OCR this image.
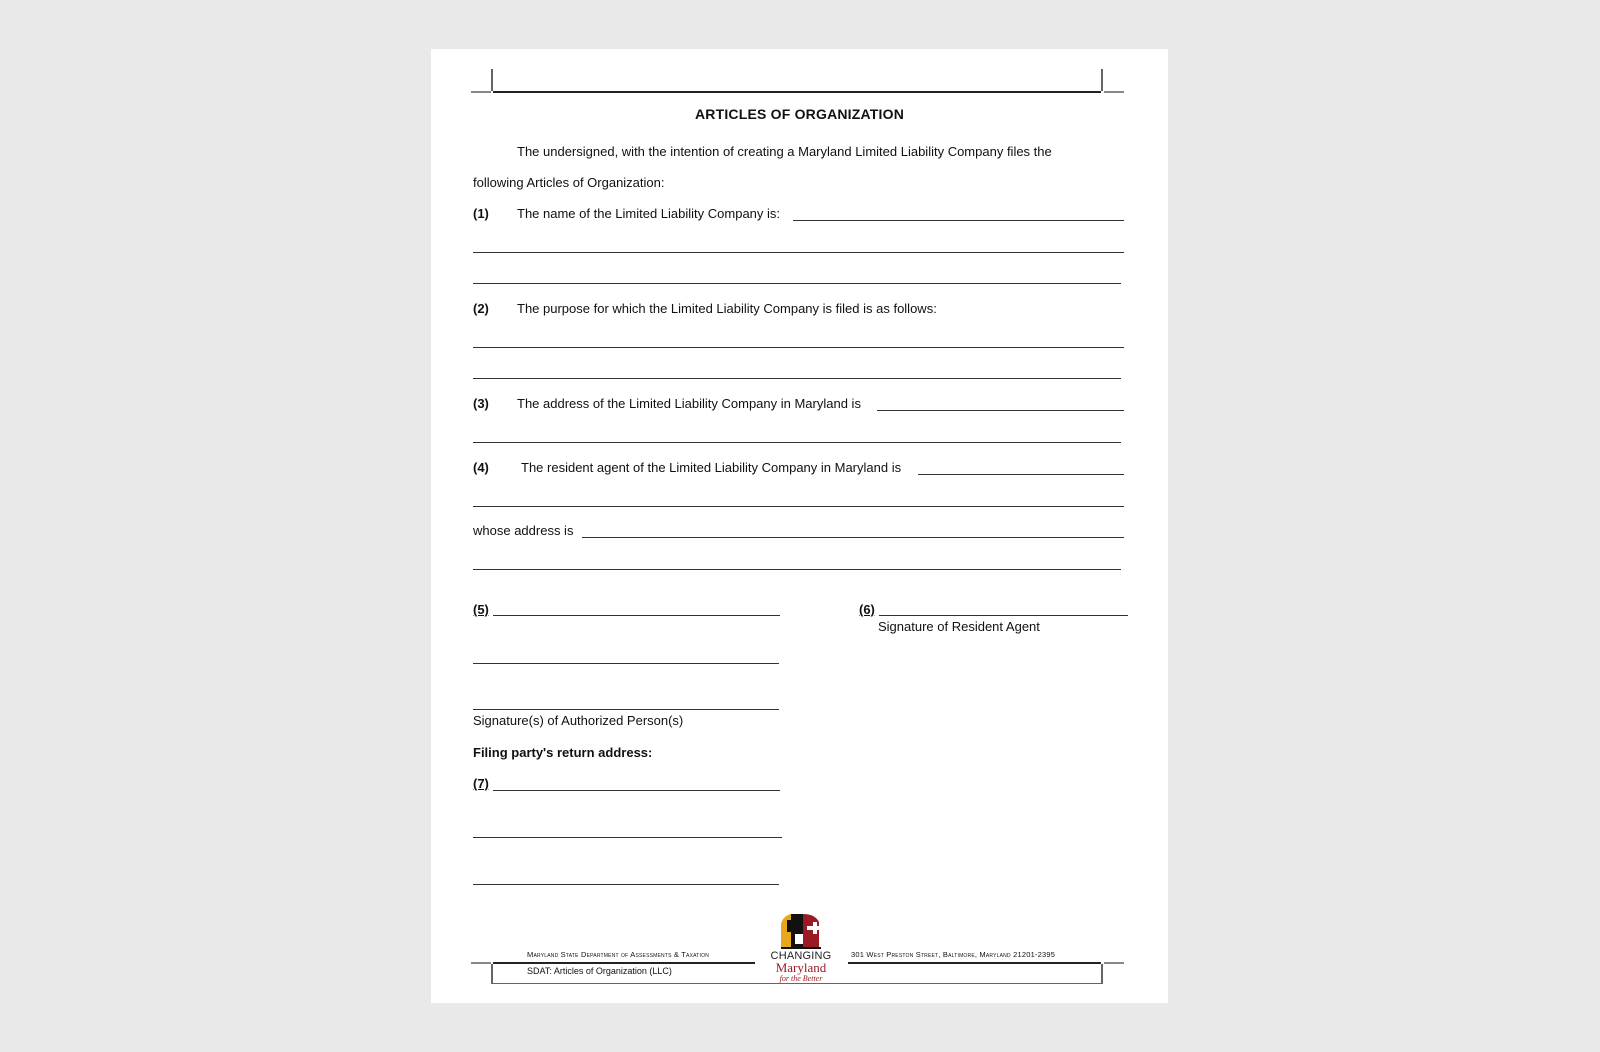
ARTICLES OF ORGANIZATION
The undersigned, with the intention of creating a Maryland Limited Liability Company files the
following Articles of Organization:
(1) The name of the Limited Liability Company is:
(2) The purpose for which the Limited Liability Company is filed is as follows:
(3) The address of the Limited Liability Company in Maryland is
(4) The resident agent of the Limited Liability Company in Maryland is
whose address is
(5)	(6)
Signature of Resident Agent
Signature(s) of Authorized Person(s)
Filing party's return address:
(7)
Maryland State Department of Assessments & Taxation	301 West Preston Street, Baltimore, Maryland 21201-2395
CHANGING
Maryland
for the Better
SDAT: Articles of Organization (LLC)
